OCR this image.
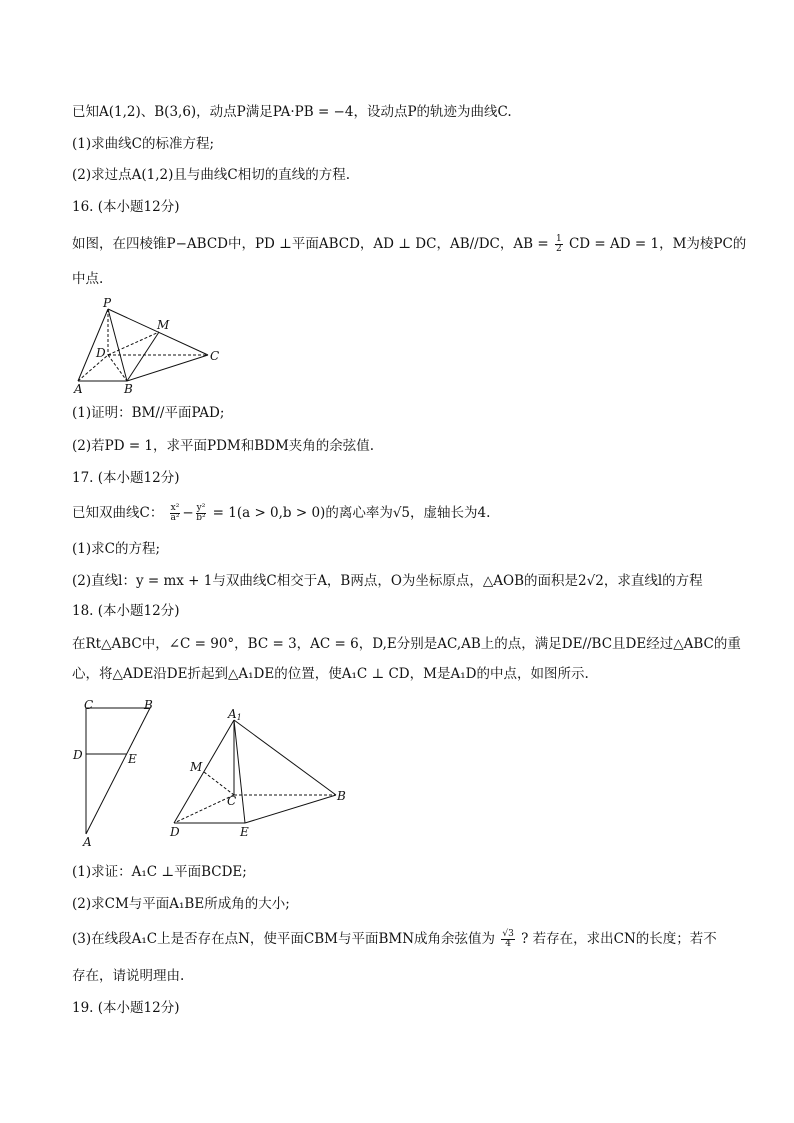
已知A(1,2)、B(3,6)，动点P满足PA·PB = −4，设动点P的轨迹为曲线C.
(1)求曲线C的标准方程;
(2)求过点A(1,2)且与曲线C相切的直线的方程.
16. (本小题12分)
如图，在四棱锥P−ABCD中，PD ⊥平面ABCD，AD ⊥ DC，AB//DC，AB = $\frac{1}{2}$ CD = AD = 1，M为棱PC的
中点.
P
M
D	C
A	B
(1)证明：BM//平面PAD;
(2)若PD = 1，求平面PDM和BDM夹角的余弦值.
17. (本小题12分)
已知双曲线C： $\frac{\text{x²}}{\text{a²}} - \frac{\text{y²}}{\text{b²}} = 1(a > 0,b > 0)$的离心率为√5，虚轴长为4.
(1)求C的方程;
(2)直线l：y = mx + 1与双曲线C相交于A，B两点，O为坐标原点，△AOB的面积是2√2，求直线l的方程
18. (本小题12分)
在Rt△ABC中，∠C = 90°，BC = 3，AC = 6，D,E分别是AC,AB上的点，满足DE//BC且DE经过△ABC的重
心，将△ADE沿DE折起到△A₁DE的位置，使A₁C ⊥ CD，M是A₁D的中点，如图所示.
C	B
D	E
A
A1
M
C	B
D	E
(1)求证：A₁C ⊥平面BCDE;
(2)求CM与平面A₁BE所成角的大小;
(3)在线段A₁C上是否存在点N，使平面CBM与平面BMN成角余弦值为 $\frac{√3}{4}$ ? 若存在，求出CN的长度；若不
存在，请说明理由.
19. (本小题12分)
